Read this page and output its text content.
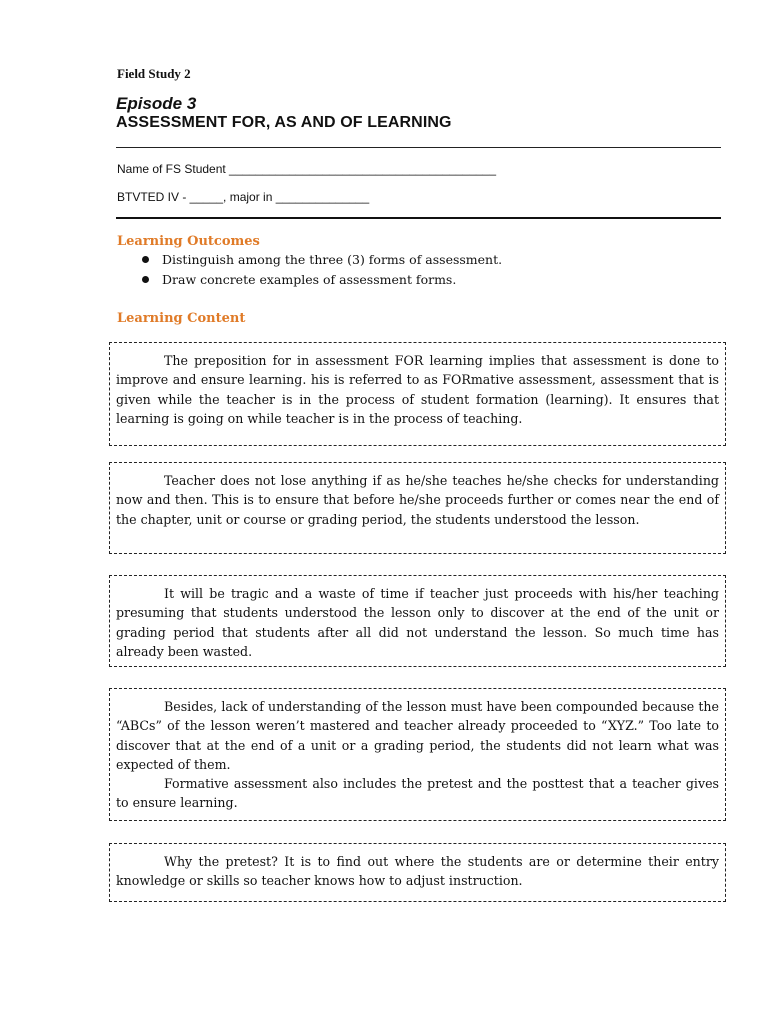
Field Study 2
Episode 3
ASSESSMENT FOR, AS AND OF LEARNING
Name of FS Student ________________________________________
BTVTED IV - _____, major in ______________
Learning Outcomes
Distinguish among the three (3) forms of assessment.
Draw concrete examples of assessment forms.
Learning Content

The preposition for in assessment FOR learning implies that assessment is done to improve and ensure learning. his is referred to as FORmative assessment, assessment that is given while the teacher is in the process of student formation (learning). It ensures that learning is going on while teacher is in the process of teaching.

Teacher does not lose anything if as he/she teaches he/she checks for understanding now and then. This is to ensure that before he/she proceeds further or comes near the end of the chapter, unit or course or grading period, the students understood the lesson.

It will be tragic and a waste of time if teacher just proceeds with his/her teaching presuming that students understood the lesson only to discover at the end of the unit or grading period that students after all did not understand the lesson. So much time has already been wasted.

Besides, lack of understanding of the lesson must have been compounded because the “ABCs” of the lesson weren’t mastered and teacher already proceeded to “XYZ.” Too late to discover that at the end of a unit or a grading period, the students did not learn what was expected of them.

Formative assessment also includes the pretest and the posttest that a teacher gives to ensure learning.

Why the pretest? It is to find out where the students are or determine their entry knowledge or skills so teacher knows how to adjust instruction.
